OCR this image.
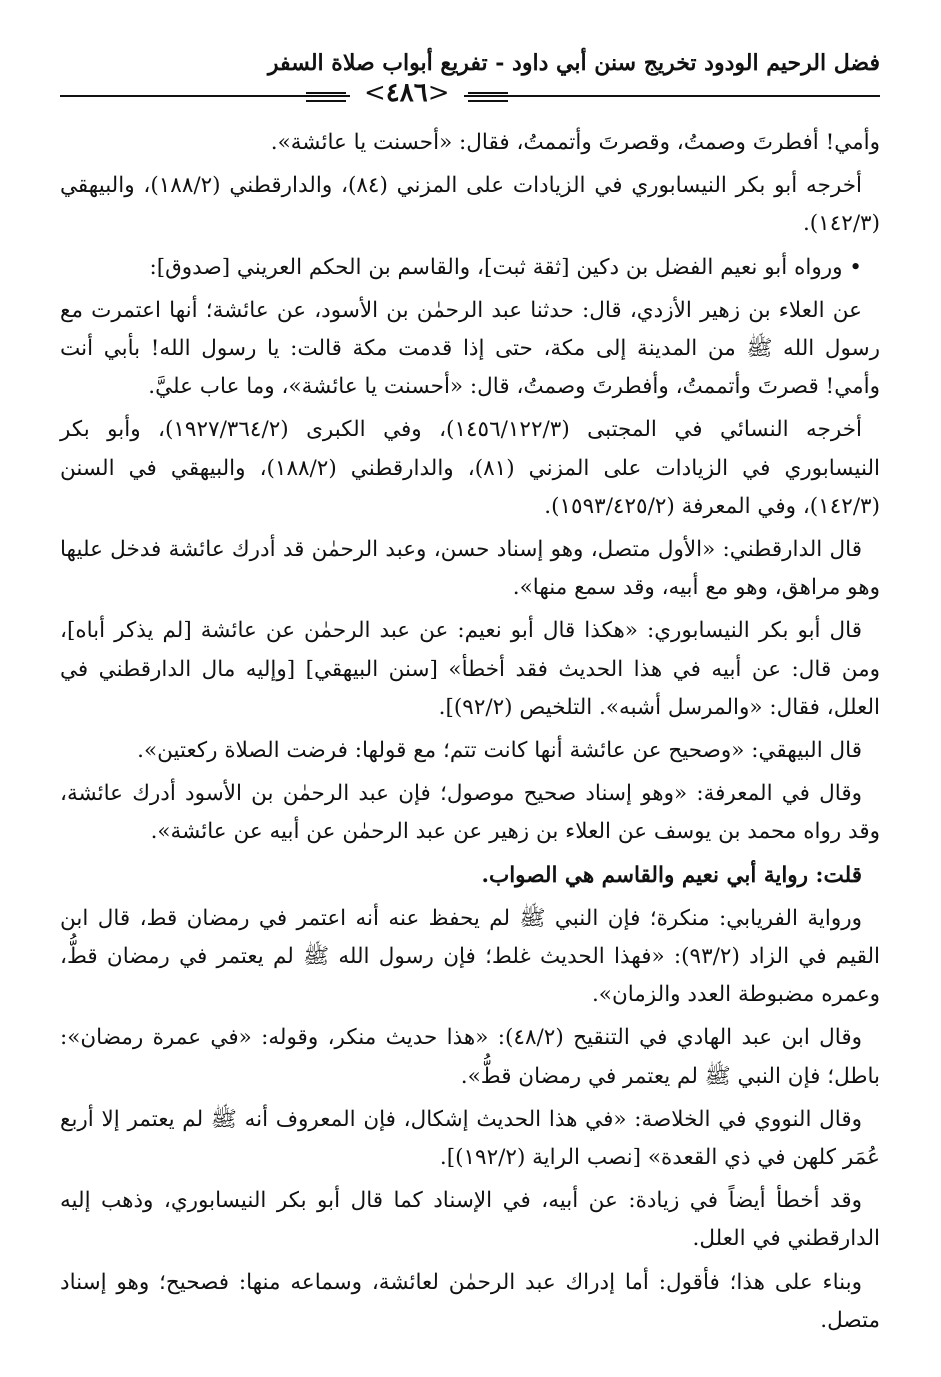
فضل الرحيم الودود تخريج سنن أبي داود - تفريع أبواب صلاة السفر
<٤٨٦>

وأمي! أفطرتَ وصمتُ، وقصرتَ وأتممتُ، فقال: «أحسنت يا عائشة».

أخرجه أبو بكر النيسابوري في الزيادات على المزني (٨٤)، والدارقطني (١٨٨/٢)، والبيهقي (١٤٢/٣).

• ورواه أبو نعيم الفضل بن دكين [ثقة ثبت]، والقاسم بن الحكم العريني [صدوق]:

عن العلاء بن زهير الأزدي، قال: حدثنا عبد الرحمٰن بن الأسود، عن عائشة؛ أنها اعتمرت مع رسول الله ﷺ من المدينة إلى مكة، حتى إذا قدمت مكة قالت: يا رسول الله! بأبي أنت وأمي! قصرتَ وأتممتُ، وأفطرتَ وصمتُ، قال: «أحسنت يا عائشة»، وما عاب عليَّ.

أخرجه النسائي في المجتبى (١٤٥٦/١٢٢/٣)، وفي الكبرى (١٩٢٧/٣٦٤/٢)، وأبو بكر النيسابوري في الزيادات على المزني (٨١)، والدارقطني (١٨٨/٢)، والبيهقي في السنن (١٤٢/٣)، وفي المعرفة (١٥٩٣/٤٢٥/٢).

قال الدارقطني: «الأول متصل، وهو إسناد حسن، وعبد الرحمٰن قد أدرك عائشة فدخل عليها وهو مراهق، وهو مع أبيه، وقد سمع منها».

قال أبو بكر النيسابوري: «هكذا قال أبو نعيم: عن عبد الرحمٰن عن عائشة [لم يذكر أباه]، ومن قال: عن أبيه في هذا الحديث فقد أخطأ» [سنن البيهقي] [وإليه مال الدارقطني في العلل، فقال: «والمرسل أشبه». التلخيص (٩٢/٢)].

قال البيهقي: «وصحيح عن عائشة أنها كانت تتم؛ مع قولها: فرضت الصلاة ركعتين».

وقال في المعرفة: «وهو إسناد صحيح موصول؛ فإن عبد الرحمٰن بن الأسود أدرك عائشة، وقد رواه محمد بن يوسف عن العلاء بن زهير عن عبد الرحمٰن عن أبيه عن عائشة».

قلت: رواية أبي نعيم والقاسم هي الصواب.

ورواية الفريابي: منكرة؛ فإن النبي ﷺ لم يحفظ عنه أنه اعتمر في رمضان قط، قال ابن القيم في الزاد (٩٣/٢): «فهذا الحديث غلط؛ فإن رسول الله ﷺ لم يعتمر في رمضان قطُّ، وعمره مضبوطة العدد والزمان».

وقال ابن عبد الهادي في التنقيح (٤٨/٢): «هذا حديث منكر، وقوله: «في عمرة رمضان»: باطل؛ فإن النبي ﷺ لم يعتمر في رمضان قطُّ».

وقال النووي في الخلاصة: «في هذا الحديث إشكال، فإن المعروف أنه ﷺ لم يعتمر إلا أربع عُمَر كلهن في ذي القعدة» [نصب الراية (١٩٢/٢)].

وقد أخطأ أيضاً في زيادة: عن أبيه، في الإسناد كما قال أبو بكر النيسابوري، وذهب إليه الدارقطني في العلل.

وبناء على هذا؛ فأقول: أما إدراك عبد الرحمٰن لعائشة، وسماعه منها: فصحيح؛ وهو إسناد متصل.
